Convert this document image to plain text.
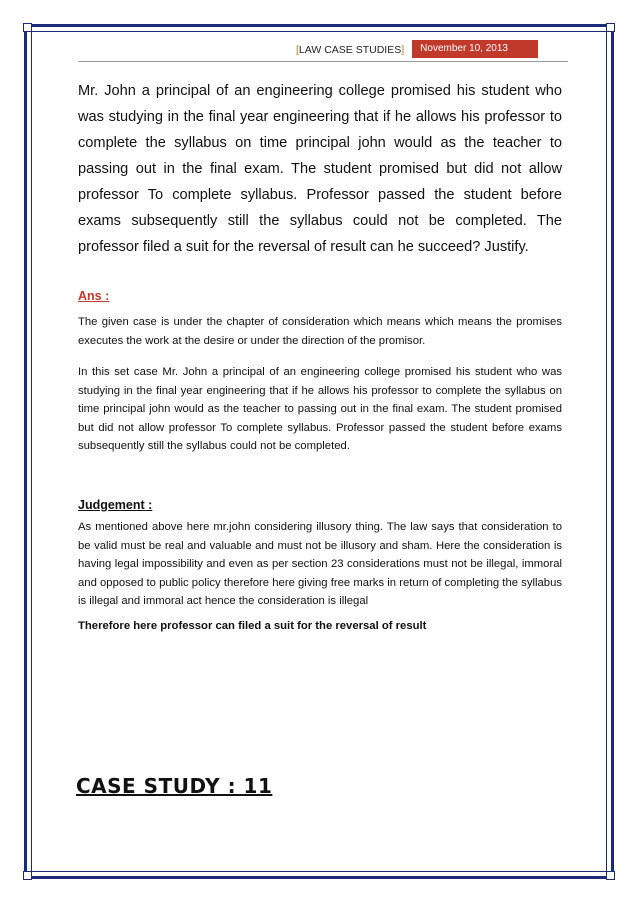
[LAW CASE STUDIES]	November 10, 2013

Mr. John a principal of an engineering college promised his student who was studying in the final year engineering that if he allows his professor to complete the syllabus on time principal john would as the teacher to passing out in the final exam. The student promised but did not allow professor To complete syllabus. Professor passed the student before exams subsequently still the syllabus could not be completed. The professor filed a suit for the reversal of result can he succeed? Justify.

Ans :

The given case is under the chapter of consideration which means which means the promises executes the work at the desire or under the direction of the promisor.

In this set case Mr. John a principal of an engineering college promised his student who was studying in the final year engineering that if he allows his professor to complete the syllabus on time principal john would as the teacher to passing out in the final exam. The student promised but did not allow professor To complete syllabus. Professor passed the student before exams subsequently still the syllabus could not be completed.

Judgement :

As mentioned above here mr.john considering illusory thing. The law says that consideration to be valid must be real and valuable and must not be illusory and sham. Here the consideration is having legal impossibility and even as per section 23 considerations must not be illegal, immoral and opposed to public policy therefore here giving free marks in return of completing the syllabus is illegal and immoral act hence the consideration is illegal

Therefore here professor can filed a suit for the reversal of result

CASE STUDY : 11
